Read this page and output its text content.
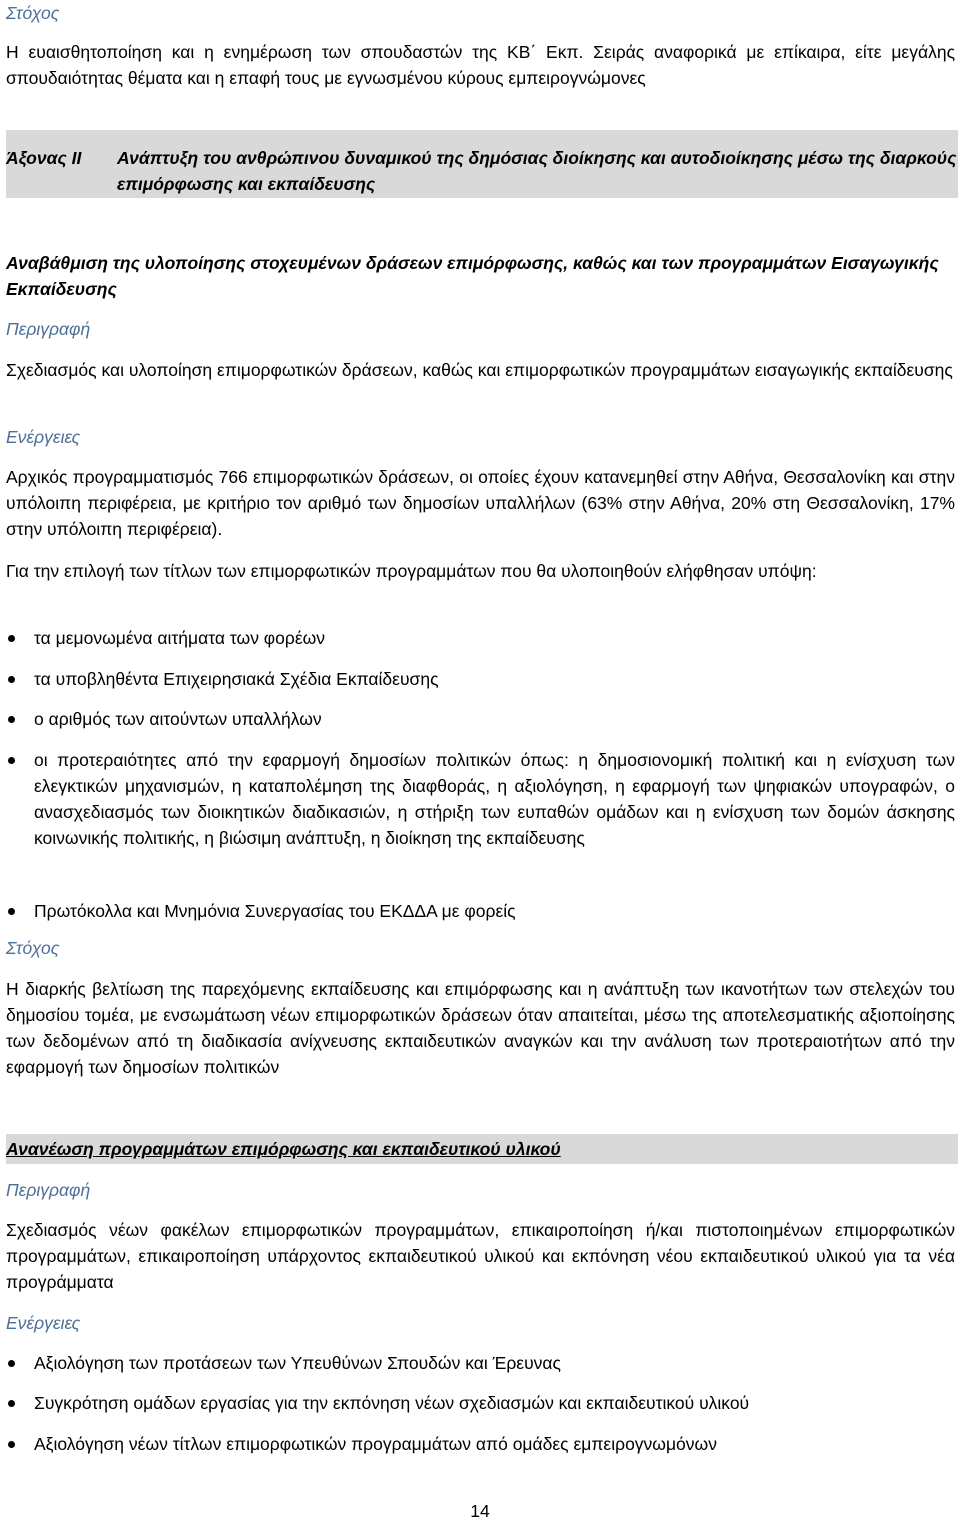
Στόχος
Η ευαισθητοποίηση και η ενημέρωση των σπουδαστών της ΚΒ΄ Εκπ. Σειράς αναφορικά με επίκαιρα, είτε μεγάλης σπουδαιότητας θέματα και η επαφή τους με εγνωσμένου κύρους εμπειρογνώμονες
Άξονας ΙΙ Ανάπτυξη του ανθρώπινου δυναμικού της δημόσιας διοίκησης και αυτοδιοίκησης μέσω της διαρκούς επιμόρφωσης και εκπαίδευσης
Αναβάθμιση της υλοποίησης στοχευμένων δράσεων επιμόρφωσης, καθώς και των προγραμμάτων Εισαγωγικής Εκπαίδευσης
Περιγραφή
Σχεδιασμός και υλοποίηση επιμορφωτικών δράσεων, καθώς και επιμορφωτικών προγραμμάτων εισαγωγικής εκπαίδευσης
Ενέργειες
Αρχικός προγραμματισμός 766 επιμορφωτικών δράσεων, οι οποίες έχουν κατανεμηθεί στην Αθήνα, Θεσσαλονίκη και στην υπόλοιπη περιφέρεια, με κριτήριο τον αριθμό των δημοσίων υπαλλήλων (63% στην Αθήνα, 20% στη Θεσσαλονίκη, 17% στην υπόλοιπη περιφέρεια).
Για την επιλογή των τίτλων των επιμορφωτικών προγραμμάτων που θα υλοποιηθούν ελήφθησαν υπόψη:
τα μεμονωμένα αιτήματα των φορέων
τα υποβληθέντα Επιχειρησιακά Σχέδια Εκπαίδευσης
ο αριθμός των αιτούντων υπαλλήλων
οι προτεραιότητες από την εφαρμογή δημοσίων πολιτικών όπως: η δημοσιονομική πολιτική και η ενίσχυση των ελεγκτικών μηχανισμών, η καταπολέμηση της διαφθοράς, η αξιολόγηση, η εφαρμογή των ψηφιακών υπογραφών, ο ανασχεδιασμός των διοικητικών διαδικασιών, η στήριξη των ευπαθών ομάδων και η ενίσχυση των δομών άσκησης κοινωνικής πολιτικής, η βιώσιμη ανάπτυξη, η διοίκηση της εκπαίδευσης
Πρωτόκολλα και Μνημόνια Συνεργασίας του ΕΚΔΔΑ με φορείς
Στόχος
Η διαρκής βελτίωση της παρεχόμενης εκπαίδευσης και επιμόρφωσης και η ανάπτυξη των ικανοτήτων των στελεχών του δημοσίου τομέα, με ενσωμάτωση νέων επιμορφωτικών δράσεων όταν απαιτείται, μέσω της αποτελεσματικής αξιοποίησης των δεδομένων από τη διαδικασία ανίχνευσης εκπαιδευτικών αναγκών και την ανάλυση των προτεραιοτήτων από την εφαρμογή των δημοσίων πολιτικών
Ανανέωση προγραμμάτων επιμόρφωσης και εκπαιδευτικού υλικού
Περιγραφή
Σχεδιασμός νέων φακέλων επιμορφωτικών προγραμμάτων, επικαιροποίηση ή/και πιστοποιημένων επιμορφωτικών προγραμμάτων, επικαιροποίηση υπάρχοντος εκπαιδευτικού υλικού και εκπόνηση νέου εκπαιδευτικού υλικού για τα νέα προγράμματα
Ενέργειες
Αξιολόγηση των προτάσεων των Υπευθύνων Σπουδών και Έρευνας
Συγκρότηση ομάδων εργασίας για την εκπόνηση νέων σχεδιασμών και εκπαιδευτικού υλικού
Αξιολόγηση νέων τίτλων επιμορφωτικών προγραμμάτων από ομάδες εμπειρογνωμόνων
14
